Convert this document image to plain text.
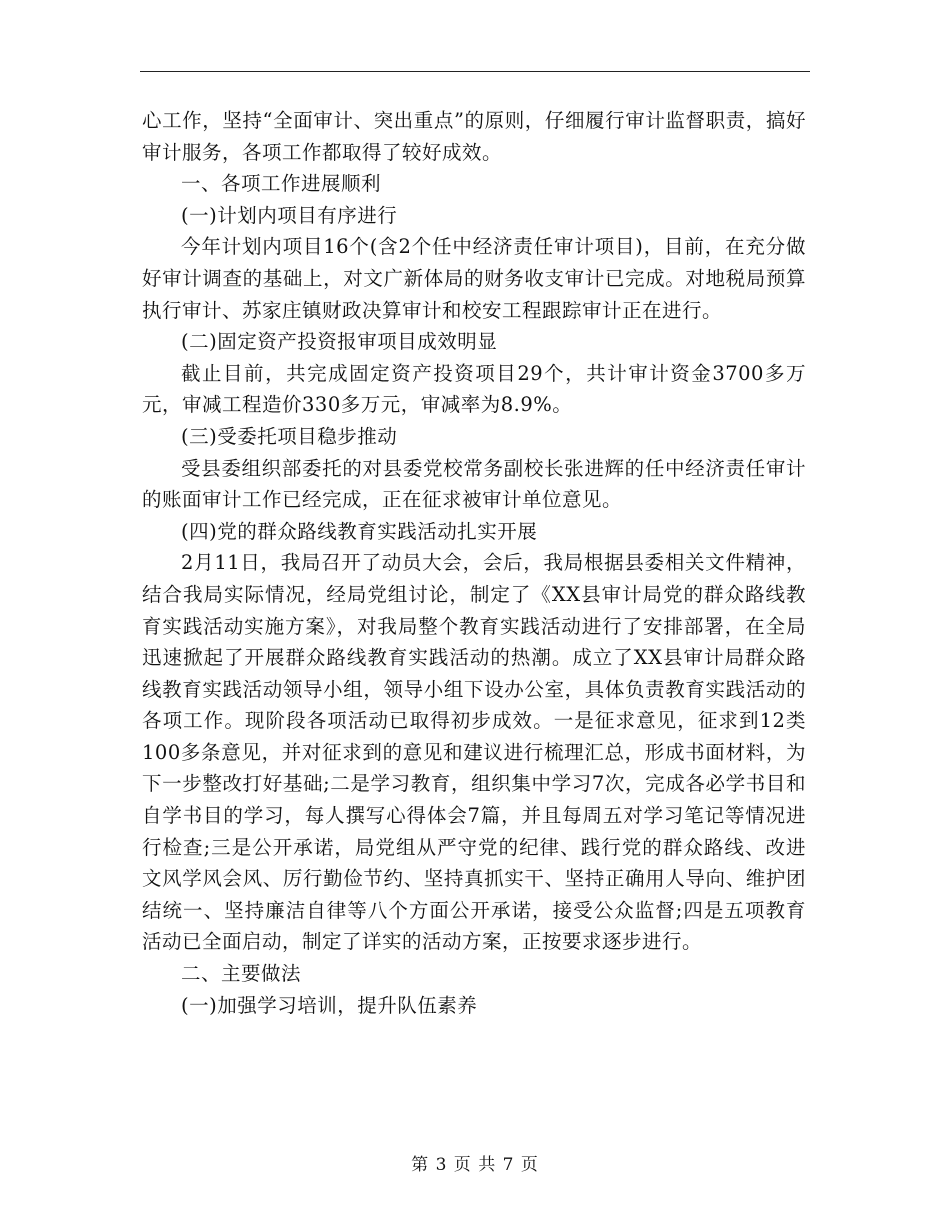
心工作，坚持“全面审计、突出重点”的原则，仔细履行审计监督职责，搞好审计服务，各项工作都取得了较好成效。

一、各项工作进展顺利

(一)计划内项目有序进行

今年计划内项目16个(含2个任中经济责任审计项目)，目前，在充分做好审计调查的基础上，对文广新体局的财务收支审计已完成。对地税局预算执行审计、苏家庄镇财政决算审计和校安工程跟踪审计正在进行。

(二)固定资产投资报审项目成效明显

截止目前，共完成固定资产投资项目29个，共计审计资金3700多万元，审减工程造价330多万元，审减率为8.9%。

(三)受委托项目稳步推动

受县委组织部委托的对县委党校常务副校长张进辉的任中经济责任审计的账面审计工作已经完成，正在征求被审计单位意见。

(四)党的群众路线教育实践活动扎实开展

2月11日，我局召开了动员大会，会后，我局根据县委相关文件精神，结合我局实际情况，经局党组讨论，制定了《XX县审计局党的群众路线教育实践活动实施方案》，对我局整个教育实践活动进行了安排部署，在全局迅速掀起了开展群众路线教育实践活动的热潮。成立了XX县审计局群众路线教育实践活动领导小组，领导小组下设办公室，具体负责教育实践活动的各项工作。现阶段各项活动已取得初步成效。一是征求意见，征求到12类100多条意见，并对征求到的意见和建议进行梳理汇总，形成书面材料，为下一步整改打好基础;二是学习教育，组织集中学习7次，完成各必学书目和自学书目的学习，每人撰写心得体会7篇，并且每周五对学习笔记等情况进行检查;三是公开承诺，局党组从严守党的纪律、践行党的群众路线、改进文风学风会风、厉行勤俭节约、坚持真抓实干、坚持正确用人导向、维护团结统一、坚持廉洁自律等八个方面公开承诺，接受公众监督;四是五项教育活动已全面启动，制定了详实的活动方案，正按要求逐步进行。

二、主要做法

(一)加强学习培训，提升队伍素养

第 3 页 共 7 页
